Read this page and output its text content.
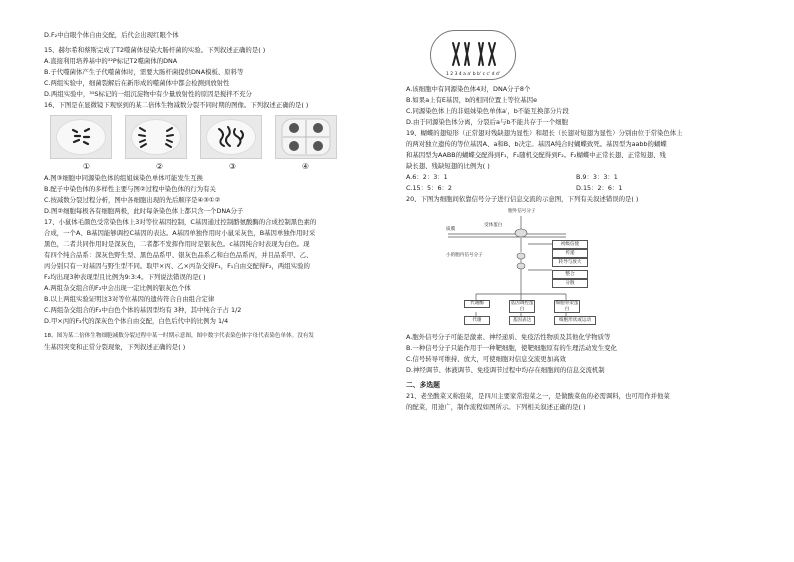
D.F₂中白眼个体自由交配，后代会出现红眼个体

15、赫尔希和蔡斯完成了T2噬菌体侵染大肠杆菌的实验。下列叙述正确的是( )

A.直接利用培养基中的³²P标记T2噬菌体的DNA

B.子代噬菌体产生子代噬菌体时，需要大肠杆菌提供DNA模板、原料等

C.两组实验中，细菌裂解后在新形成的噬菌体中都会检测到放射性

D.两组实验中，³⁵S标记的一组沉淀物中有少量放射性的原因是搅拌不充分

16、下图是在显微镜下观察到的某二倍体生物减数分裂不同时期的图像。下列叙述正确的是( )

①	②	③	④

A.图③细胞中同源染色体的组姐妹染色单体可能发生互换

B.配子中染色体的多样性主要与图②过程中染色体的行为有关

C.按减数分裂过程分析，图中各细胞出现的先后顺序是④③①②

D.图②细胞每极各有细胞两极，此时每条染色体上都只含一个DNA分子

17、小鼠体毛颜色受常染色体上3对等位基因控制，C基因通过控制酪氨酸酶的合成控制黑色素的

合成，一个A、B基因能够调控C基因的表达。A基因单独作用时小鼠采灰色，B基因单独作用时采

黑色，二者共同作用时是深灰色，二者都不发挥作用时是银灰色。c基因纯合时表现为白色。现

有四个纯合品系：深灰色野生型、黑色品系甲、银灰色品系乙和白色品系丙，并且品系甲、乙、

丙分别只有一对基因与野生型不同。取甲×丙、乙×丙杂交得F₁，F₁自由交配得F₂，两组实验的

F₂均出现3种表现型且比例为9:3:4。下列说法错误的是( )

A.两组杂交组合的F₂中会出现一定比例的银灰色个体

B.以上两组实验证明这3对等位基因的遗传符合自由组合定律

C.两组杂交组合的F₂中白色个体的基因型均有 3种，其中纯合子占 1/2

D.甲×丙的F₂代的深灰色个体自由交配，白色后代中的比例为 1/4

18、图为某二倍体生物细胞减数分裂过程中某一时期示意图，图中数字代表染色体字母代表染色单体。没有发

生基因突变和正常分裂现象，下列叙述正确的是( )

1 2 3 4 a a' b b' c c' d d'

A.该细胞中有同源染色体4对，DNA分子8个

B.如果a上有E基因，b的相同位置上等位基因e

C.同源染色体上的非姐妹染色单体a′，b不能互换部分片段

D.由于同源染色体分离，分裂后a与b不能共存于一个细胞

19、蝴蝶的翅短形（正常翅对残缺翅为显性）和超长（长翅对短翅为显性）分别由位于常染色体上

的两对独立遗传的等位基因A、a和B、b决定。基因A纯合时蝴蝶致死。基因型为aabb的蝴蝶

和基因型为AABB的蝴蝶交配得到F₁，F₁随机交配得到F₂。F₂蝴蝶中正常长翅、正常短翅、残

缺长翅、残缺短翅的比例为( )

A.6：2：3：1	B.9：3：3：1

C.15：5：6：2	D.15：2：6：1

20、下图为细胞间依靠信号分子进行信息交流的示意图，下列有关叙述错误的是( )

胞外信号分子
受体蛋白
质膜
初级信使
传递
转导与放大
小的胞内信号分子
整合
分散
代谢酶	基因调控蛋白
细胞骨架蛋白
代谢	基因表达	细胞形状或运动

A.胞外信号分子可能是激素、神经递质、免疫活性物质及其他化学物质等

B.一种信号分子只能作用于一种靶细胞，使靶细胞原有的生理活动发生变化

C.信号转导可维持、放大，可使细胞对信息交流更加高效

D.神经调节、体液调节、免疫调节过程中均存在细胞间的信息交流机制

二、多选题

21、老坐酸菜又称泡菜，是四川主要家常泡菜之一，是做酸菜鱼的必需调料，也可用作并他菜

的配菜，用途广，制作流程如图所示。下列相关叙述正确的是( )
